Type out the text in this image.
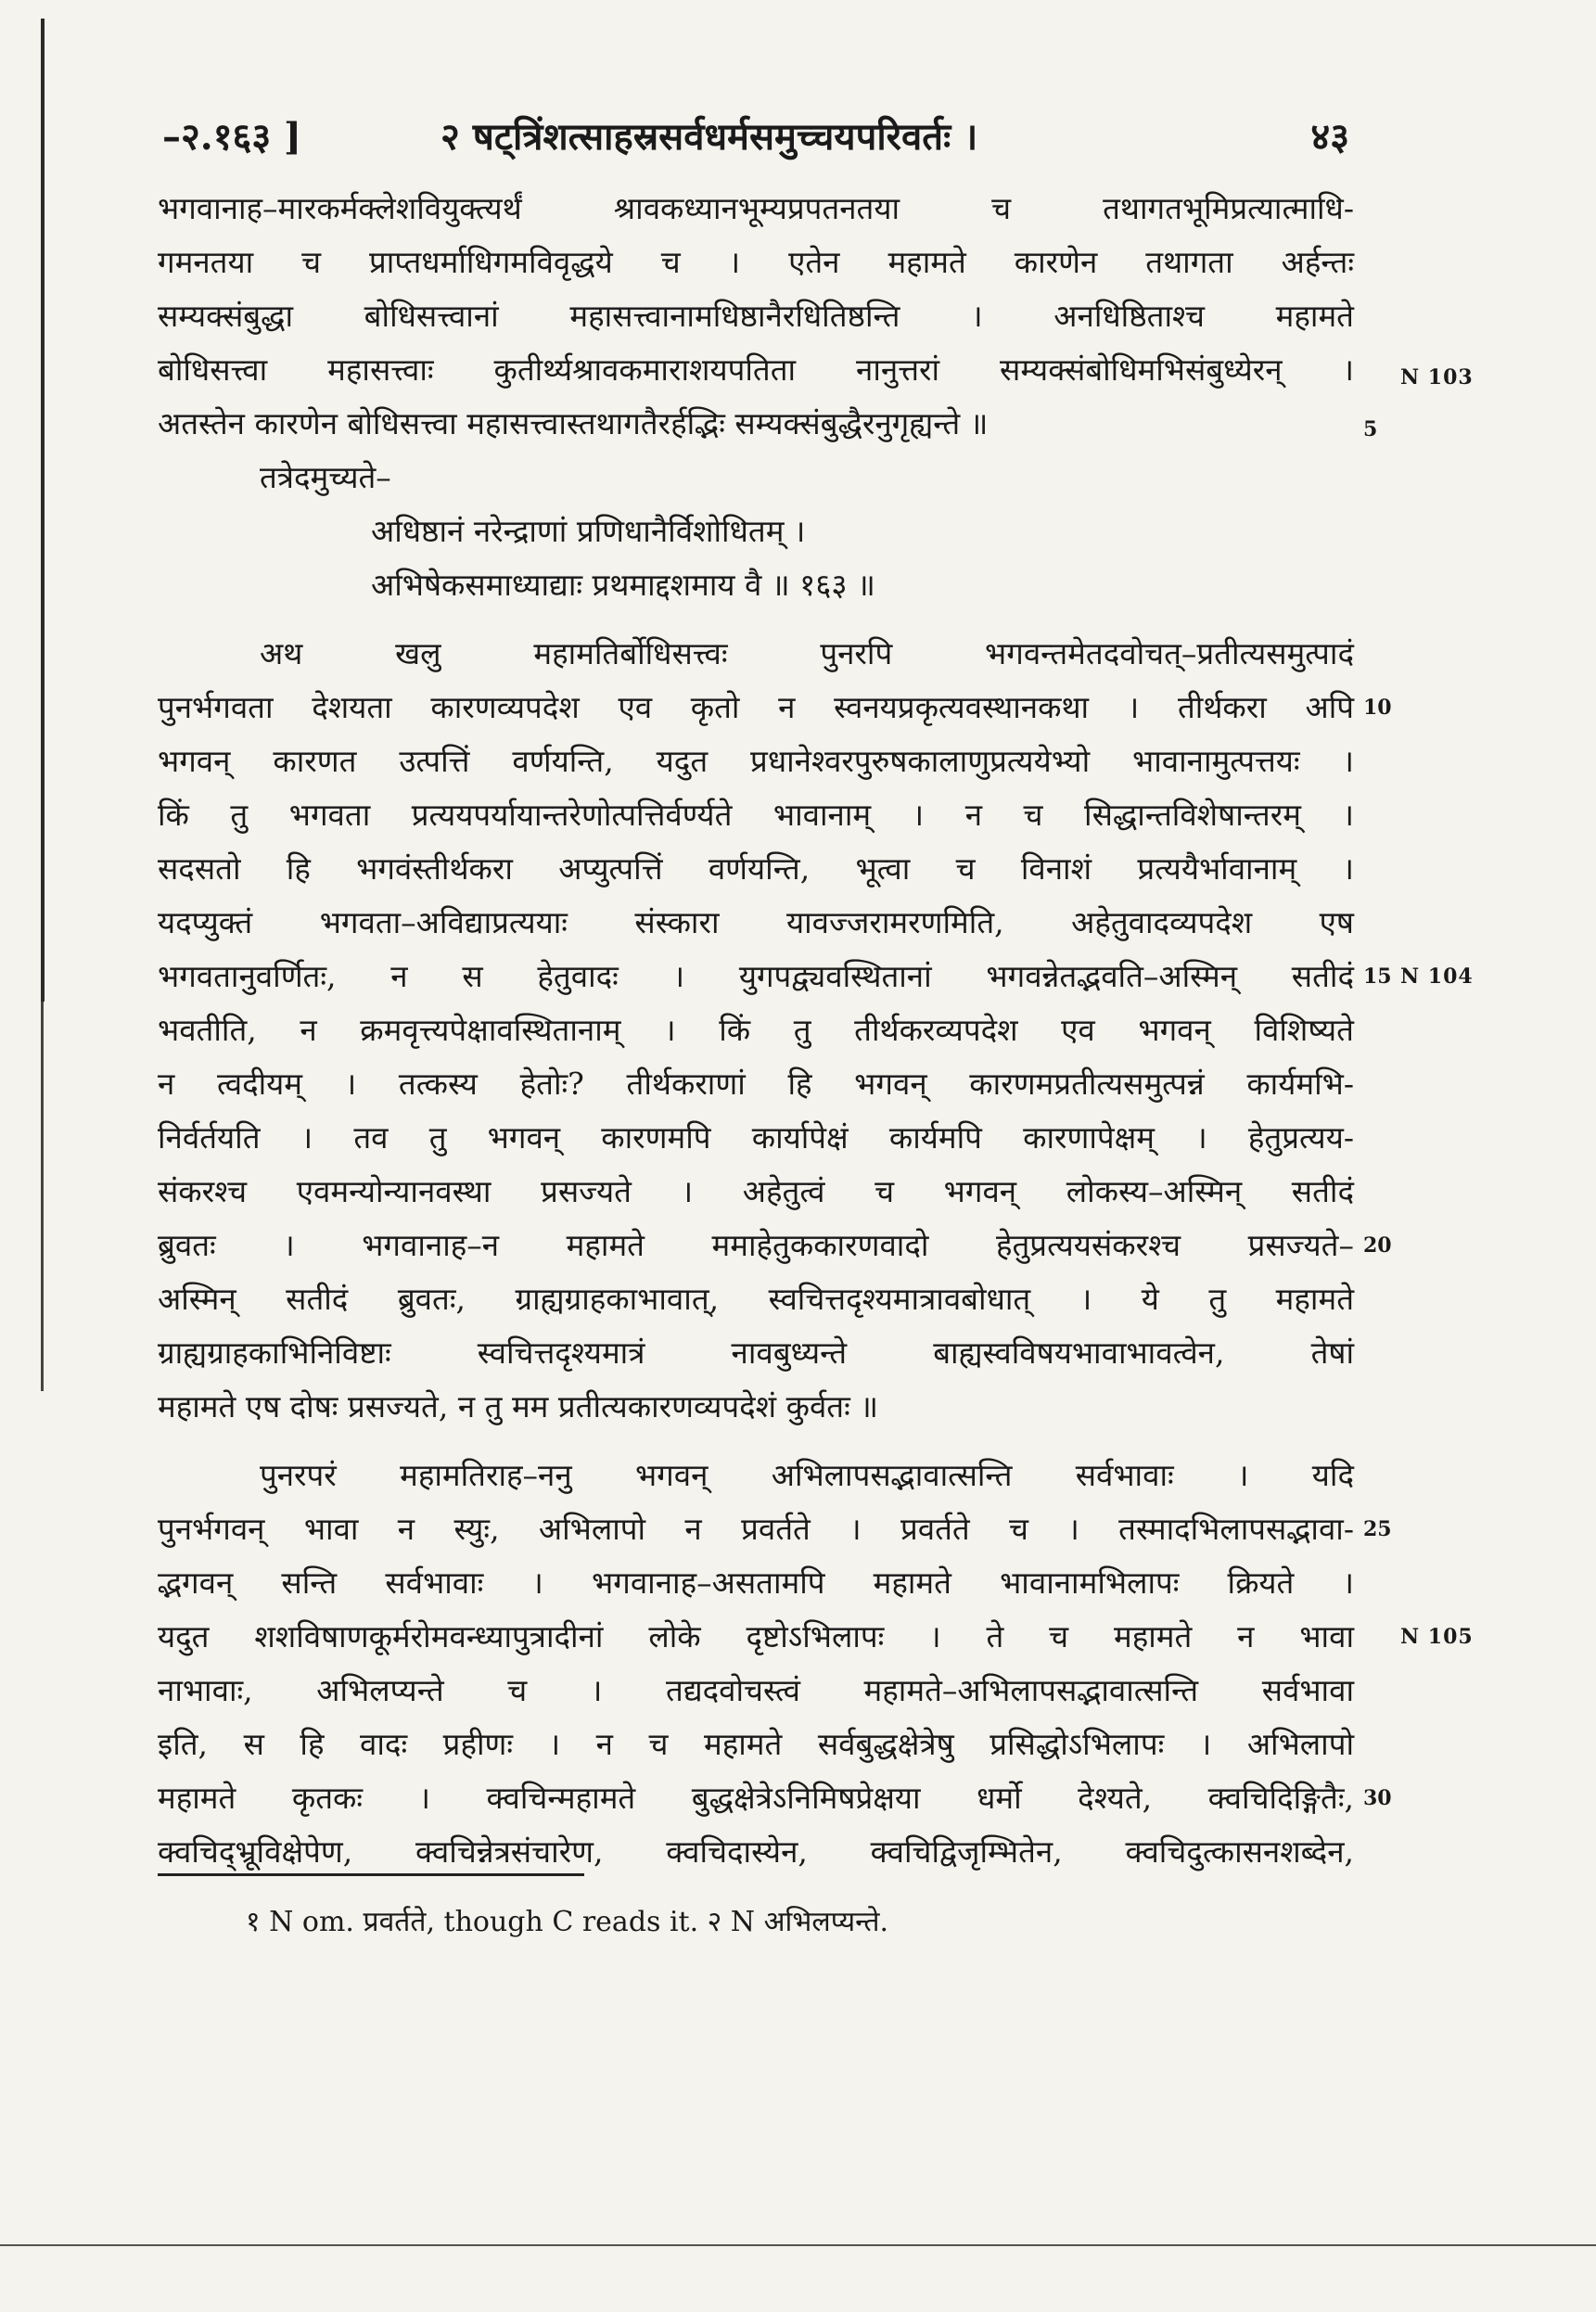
–२.१६३ ]	२ षट्त्रिंशत्साहस्रसर्वधर्मसमुच्चयपरिवर्तः ।	४३
भगवानाह–मारकर्मक्लेशवियुक्त्यर्थं श्रावकध्यानभूम्यप्रपतनतया च तथागतभूमिप्रत्यात्माधि-
गमनतया च प्राप्तधर्माधिगमविवृद्धये च । एतेन महामते कारणेन तथागता अर्हन्तः
सम्यक्संबुद्धा बोधिसत्त्वानां महासत्त्वानामधिष्ठानैरधितिष्ठन्ति । अनधिष्ठिताश्च महामते
बोधिसत्त्वा महासत्त्वाः कुतीर्थ्यश्रावकमाराशयपतिता नानुत्तरां सम्यक्संबोधिमभिसंबुध्येरन् ।
अतस्तेन कारणेन बोधिसत्त्वा महासत्त्वास्तथागतैरर्हद्भिः सम्यक्संबुद्धैरनुगृह्यन्ते ॥
तत्रेदमुच्यते–
अधिष्ठानं नरेन्द्राणां प्रणिधानैर्विशोधितम् ।
अभिषेकसमाध्याद्याः प्रथमाद्दशमाय वै ॥ १६३ ॥
अथ खलु महामतिर्बोधिसत्त्वः पुनरपि भगवन्तमेतदवोचत्–प्रतीत्यसमुत्पादं
पुनर्भगवता देशयता कारणव्यपदेश एव कृतो न स्वनयप्रकृत्यवस्थानकथा । तीर्थकरा अपि
भगवन् कारणत उत्पत्तिं वर्णयन्ति, यदुत प्रधानेश्वरपुरुषकालाणुप्रत्ययेभ्यो भावानामुत्पत्तयः ।
किं तु भगवता प्रत्ययपर्यायान्तरेणोत्पत्तिर्वर्ण्यते भावानाम् । न च सिद्धान्तविशेषान्तरम् ।
सदसतो हि भगवंस्तीर्थकरा अप्युत्पत्तिं वर्णयन्ति, भूत्वा च विनाशं प्रत्ययैर्भावानाम् ।
यदप्युक्तं भगवता–अविद्याप्रत्ययाः संस्कारा यावज्जरामरणमिति, अहेतुवादव्यपदेश एष
भगवतानुवर्णितः, न स हेतुवादः । युगपद्व्यवस्थितानां भगवन्नेतद्भवति–अस्मिन् सतीदं
भवतीति, न क्रमवृत्त्यपेक्षावस्थितानाम् । किं तु तीर्थकरव्यपदेश एव भगवन् विशिष्यते
न त्वदीयम् । तत्कस्य हेतोः? तीर्थकराणां हि भगवन् कारणमप्रतीत्यसमुत्पन्नं कार्यमभि-
निर्वर्तयति । तव तु भगवन् कारणमपि कार्यापेक्षं कार्यमपि कारणापेक्षम् । हेतुप्रत्यय-
संकरश्च एवमन्योन्यानवस्था प्रसज्यते । अहेतुत्वं च भगवन् लोकस्य–अस्मिन् सतीदं
ब्रुवतः । भगवानाह–न महामते ममाहेतुककारणवादो हेतुप्रत्ययसंकरश्च प्रसज्यते–
अस्मिन् सतीदं ब्रुवतः, ग्राह्यग्राहकाभावात्, स्वचित्तदृश्यमात्रावबोधात् । ये तु महामते
ग्राह्यग्राहकाभिनिविष्टाः स्वचित्तदृश्यमात्रं नावबुध्यन्ते बाह्यस्वविषयभावाभावत्वेन, तेषां
महामते एष दोषः प्रसज्यते, न तु मम प्रतीत्यकारणव्यपदेशं कुर्वतः ॥
पुनरपरं महामतिराह–ननु भगवन् अभिलापसद्भावात्सन्ति सर्वभावाः । यदि
पुनर्भगवन् भावा न स्युः, अभिलापो न प्रवर्तते । प्रवर्तते च । तस्मादभिलापसद्भावा-
द्भगवन् सन्ति सर्वभावाः । भगवानाह–असतामपि महामते भावानामभिलापः क्रियते ।
यदुत शशविषाणकूर्मरोमवन्ध्यापुत्रादीनां लोके दृष्टोऽभिलापः । ते च महामते न भावा
नाभावाः, अभिलप्यन्ते च । तद्यदवोचस्त्वं महामते–अभिलापसद्भावात्सन्ति सर्वभावा
इति, स हि वादः प्रहीणः । न च महामते सर्वबुद्धक्षेत्रेषु प्रसिद्धोऽभिलापः । अभिलापो
महामते कृतकः । क्वचिन्महामते बुद्धक्षेत्रेऽनिमिषप्रेक्षया धर्मो देश्यते, क्वचिदिङ्गितैः,
क्वचिद्भ्रूविक्षेपेण, क्वचिन्नेत्रसंचारेण, क्वचिदास्येन, क्वचिद्विजृम्भितेन, क्वचिदुत्कासनशब्देन,
5
10
15
20
25
30
N 103
N 104
N 105
१ N om. प्रवर्तते, though C reads it. २ N अभिलप्यन्ते.
